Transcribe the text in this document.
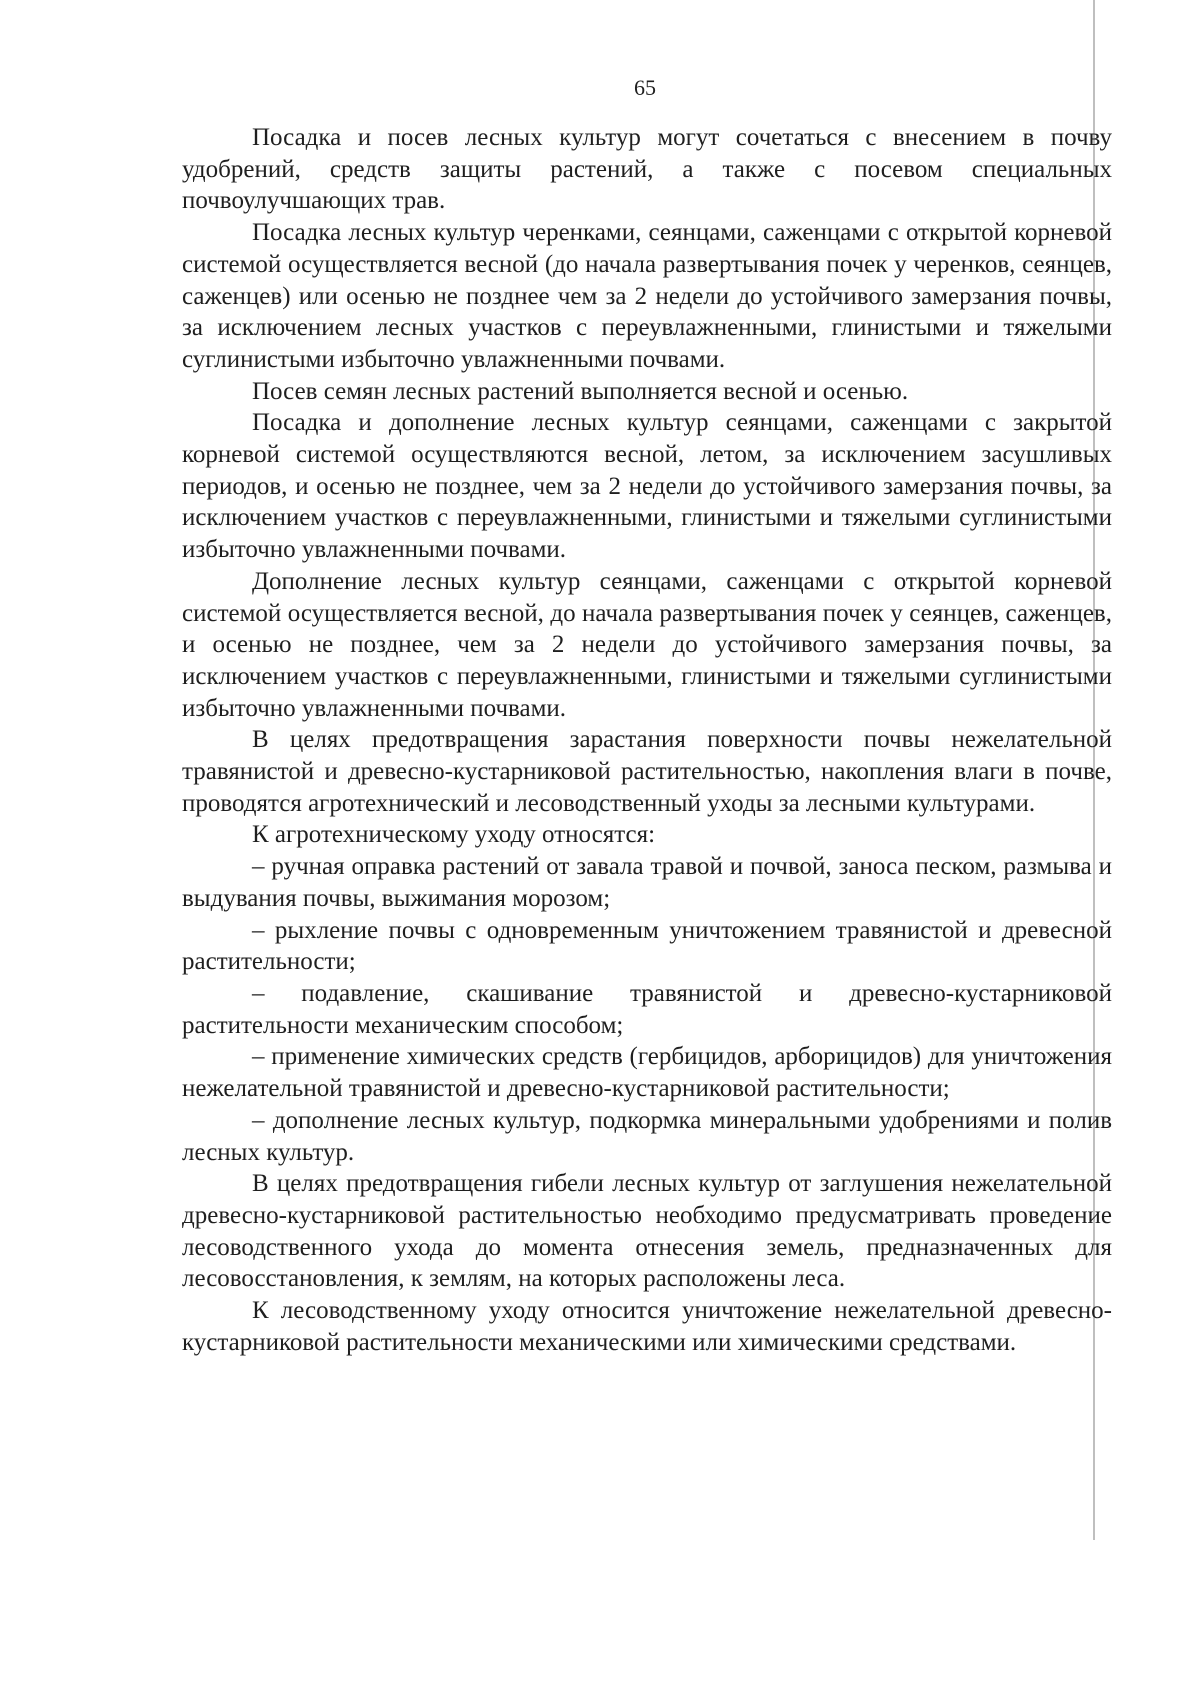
65

Посадка и посев лесных культур могут сочетаться с внесением в почву удобрений, средств защиты растений, а также с посевом специальных почвоулучшающих трав.

Посадка лесных культур черенками, сеянцами, саженцами с открытой корневой системой осуществляется весной (до начала развертывания почек у черенков, сеянцев, саженцев) или осенью не позднее чем за 2 недели до устойчивого замерзания почвы, за исключением лесных участков с переувлажненными, глинистыми и тяжелыми суглинистыми избыточно увлажненными почвами.

Посев семян лесных растений выполняется весной и осенью.

Посадка и дополнение лесных культур сеянцами, саженцами с закрытой корневой системой осуществляются весной, летом, за исключением засушливых периодов, и осенью не позднее, чем за 2 недели до устойчивого замерзания почвы, за исключением участков с переувлажненными, глинистыми и тяжелыми суглинистыми избыточно увлажненными почвами.

Дополнение лесных культур сеянцами, саженцами с открытой корневой системой осуществляется весной, до начала развертывания почек у сеянцев, саженцев, и осенью не позднее, чем за 2 недели до устойчивого замерзания почвы, за исключением участков с переувлажненными, глинистыми и тяжелыми суглинистыми избыточно увлажненными почвами.

В целях предотвращения зарастания поверхности почвы нежелательной травянистой и древесно-кустарниковой растительностью, накопления влаги в почве, проводятся агротехнический и лесоводственный уходы за лесными культурами.

К агротехническому уходу относятся:

– ручная оправка растений от завала травой и почвой, заноса песком, размыва и выдувания почвы, выжимания морозом;

– рыхление почвы с одновременным уничтожением травянистой и древесной растительности;

– подавление, скашивание травянистой и древесно-кустарниковой растительности механическим способом;

– применение химических средств (гербицидов, арборицидов) для уничтожения нежелательной травянистой и древесно-кустарниковой растительности;

– дополнение лесных культур, подкормка минеральными удобрениями и полив лесных культур.

В целях предотвращения гибели лесных культур от заглушения нежелательной древесно-кустарниковой растительностью необходимо предусматривать проведение лесоводственного ухода до момента отнесения земель, предназначенных для лесовосстановления, к землям, на которых расположены леса.

К лесоводственному уходу относится уничтожение нежелательной древесно-кустарниковой растительности механическими или химическими средствами.
